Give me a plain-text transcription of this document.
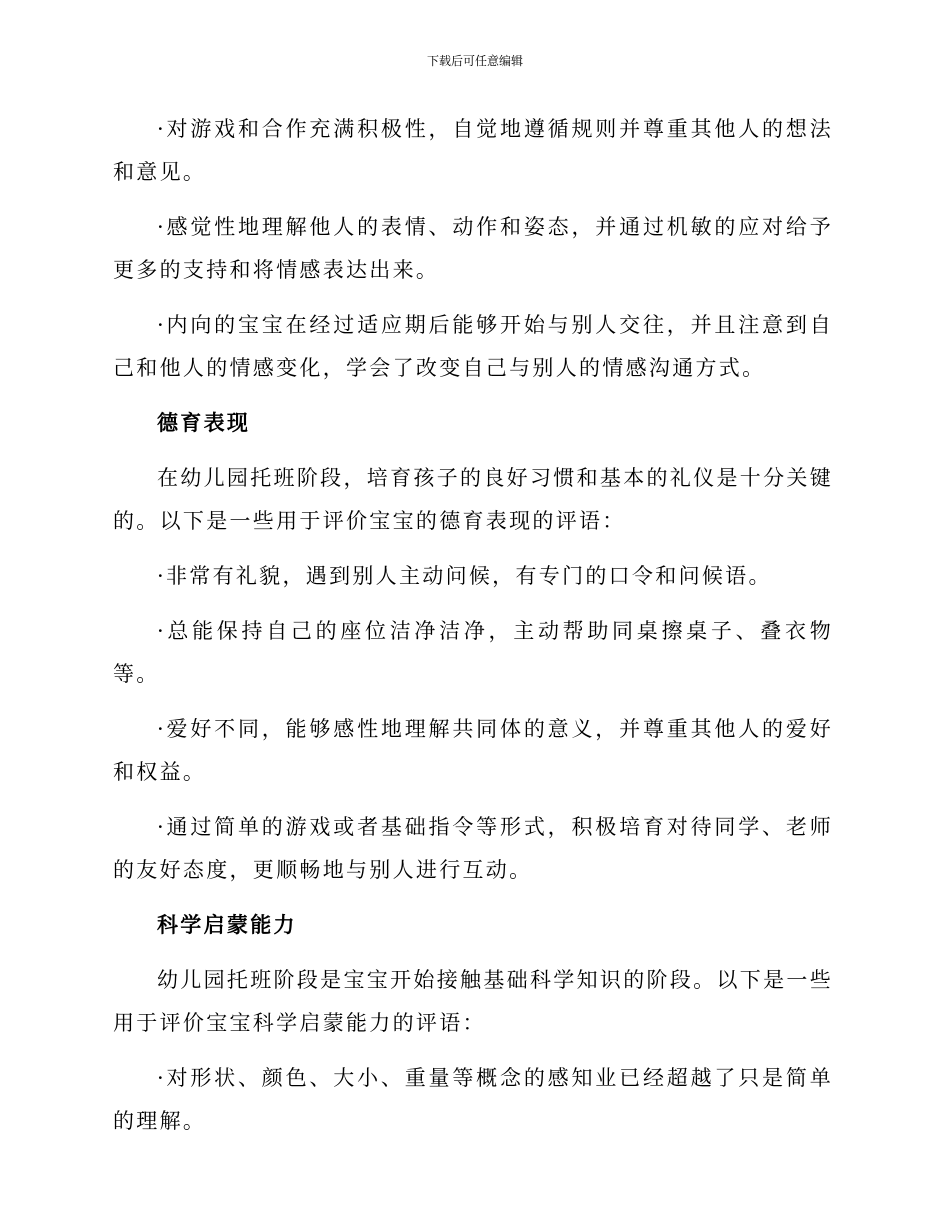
下载后可任意编辑

·对游戏和合作充满积极性，自觉地遵循规则并尊重其他人的想法和意见。

·感觉性地理解他人的表情、动作和姿态，并通过机敏的应对给予更多的支持和将情感表达出来。

·内向的宝宝在经过适应期后能够开始与别人交往，并且注意到自己和他人的情感变化，学会了改变自己与别人的情感沟通方式。

德育表现

在幼儿园托班阶段，培育孩子的良好习惯和基本的礼仪是十分关键的。以下是一些用于评价宝宝的德育表现的评语：

·非常有礼貌，遇到别人主动问候，有专门的口令和问候语。

·总能保持自己的座位洁净洁净，主动帮助同桌擦桌子、叠衣物等。

·爱好不同，能够感性地理解共同体的意义，并尊重其他人的爱好和权益。

·通过简单的游戏或者基础指令等形式，积极培育对待同学、老师的友好态度，更顺畅地与别人进行互动。

科学启蒙能力

幼儿园托班阶段是宝宝开始接触基础科学知识的阶段。以下是一些用于评价宝宝科学启蒙能力的评语：

·对形状、颜色、大小、重量等概念的感知业已经超越了只是简单的理解。
